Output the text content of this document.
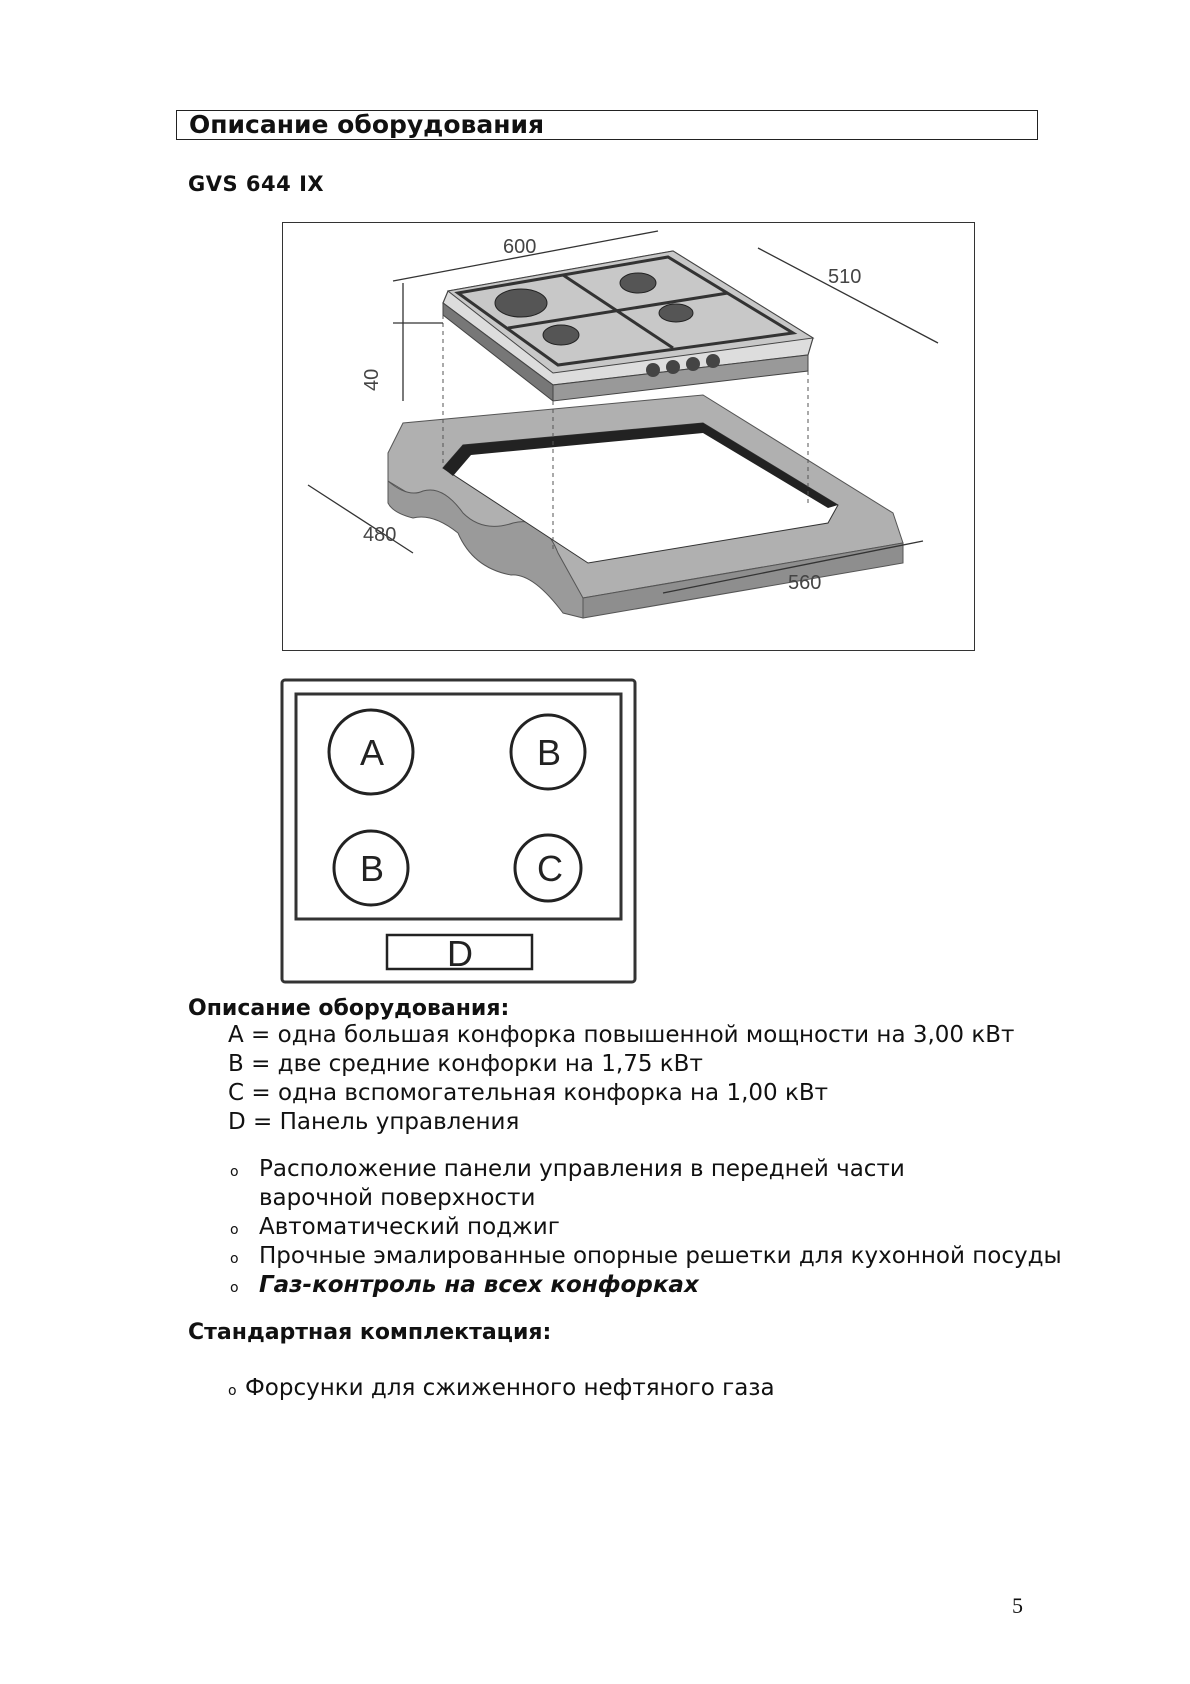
Описание оборудования
GVS 644 IX
600
510
40
480
560
A	B
B	C
D
Описание оборудования:
A = одна большая конфорка повышенной мощности на 3,00 кВт
B = две средние конфорки на 1,75 кВт
C = одна вспомогательная конфорка на 1,00 кВт
D = Панель управления
o Расположение панели управления в передней части
варочной поверхности
o Автоматический поджиг
o Прочные эмалированные опорные решетки для кухонной посуды
o Газ-контроль на всех конфорках
Стандартная комплектация:
o Форсунки для сжиженного нефтяного газа
5
